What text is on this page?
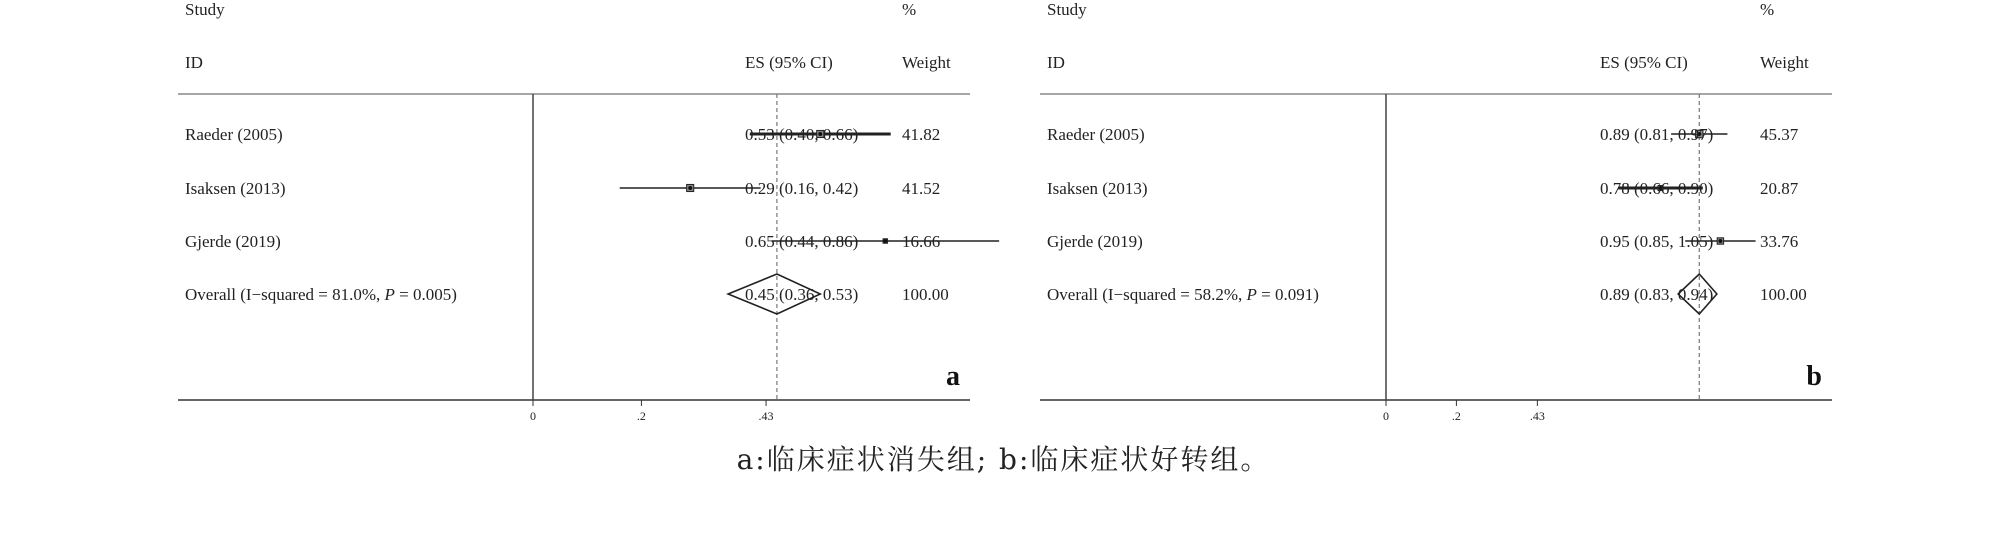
Study
ID	ES (95% CI)
%
Weight
0	.2	.43
Raeder (2005)	0.53 (0.40, 0.66)	41.82
Isaksen (2013)	0.29 (0.16, 0.42)	41.52
Gjerde (2019)	0.65 (0.44, 0.86)	16.66
Overall (I−squared = 81.0%, P = 0.005)	0.45 (0.36, 0.53)	100.00
a
Study
ID	ES (95% CI)
%
Weight
0	.2	.43
Raeder (2005)	0.89 (0.81, 0.97)	45.37
Isaksen (2013)	0.78 (0.66, 0.90)	20.87
Gjerde (2019)	0.95 (0.85, 1.05)	33.76
Overall (I−squared = 58.2%, P = 0.091)	0.89 (0.83, 0.94)	100.00
b
a:临床症状消失组; b:临床症状好转组。
